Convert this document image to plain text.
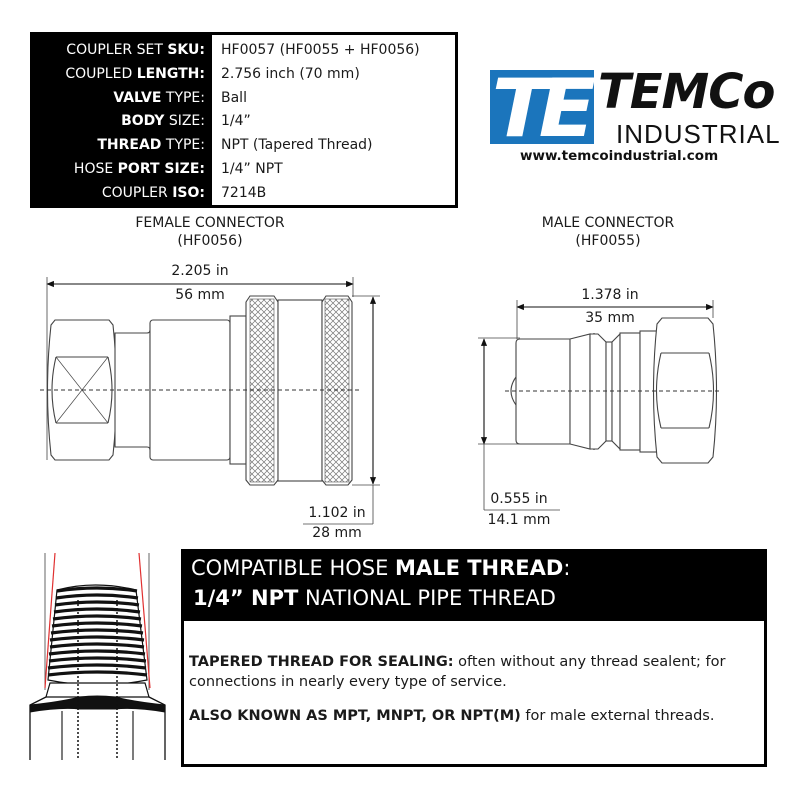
COUPLER SET SKU:
COUPLED LENGTH:
VALVE TYPE:
BODY SIZE:
THREAD TYPE:
HOSE PORT SIZE:
COUPLER ISO:
HF0057 (HF0055 + HF0056)
2.756 inch (70 mm)
Ball
1/4”
NPT (Tapered Thread)
1/4” NPT
7214B
TE TEMCo
INDUSTRIAL
www.temcoindustrial.com
FEMALE CONNECTOR
(HF0056)
MALE CONNECTOR
(HF0055)
2.205 in
56 mm
1.102 in
28 mm
1.378 in
35 mm
0.555 in
14.1 mm
COMPATIBLE HOSE MALE THREAD:
1/4” NPT NATIONAL PIPE THREAD

TAPERED THREAD FOR SEALING: often without any thread sealent; for connections in nearly every type of service.

ALSO KNOWN AS MPT, MNPT, OR NPT(M) for male external threads.
